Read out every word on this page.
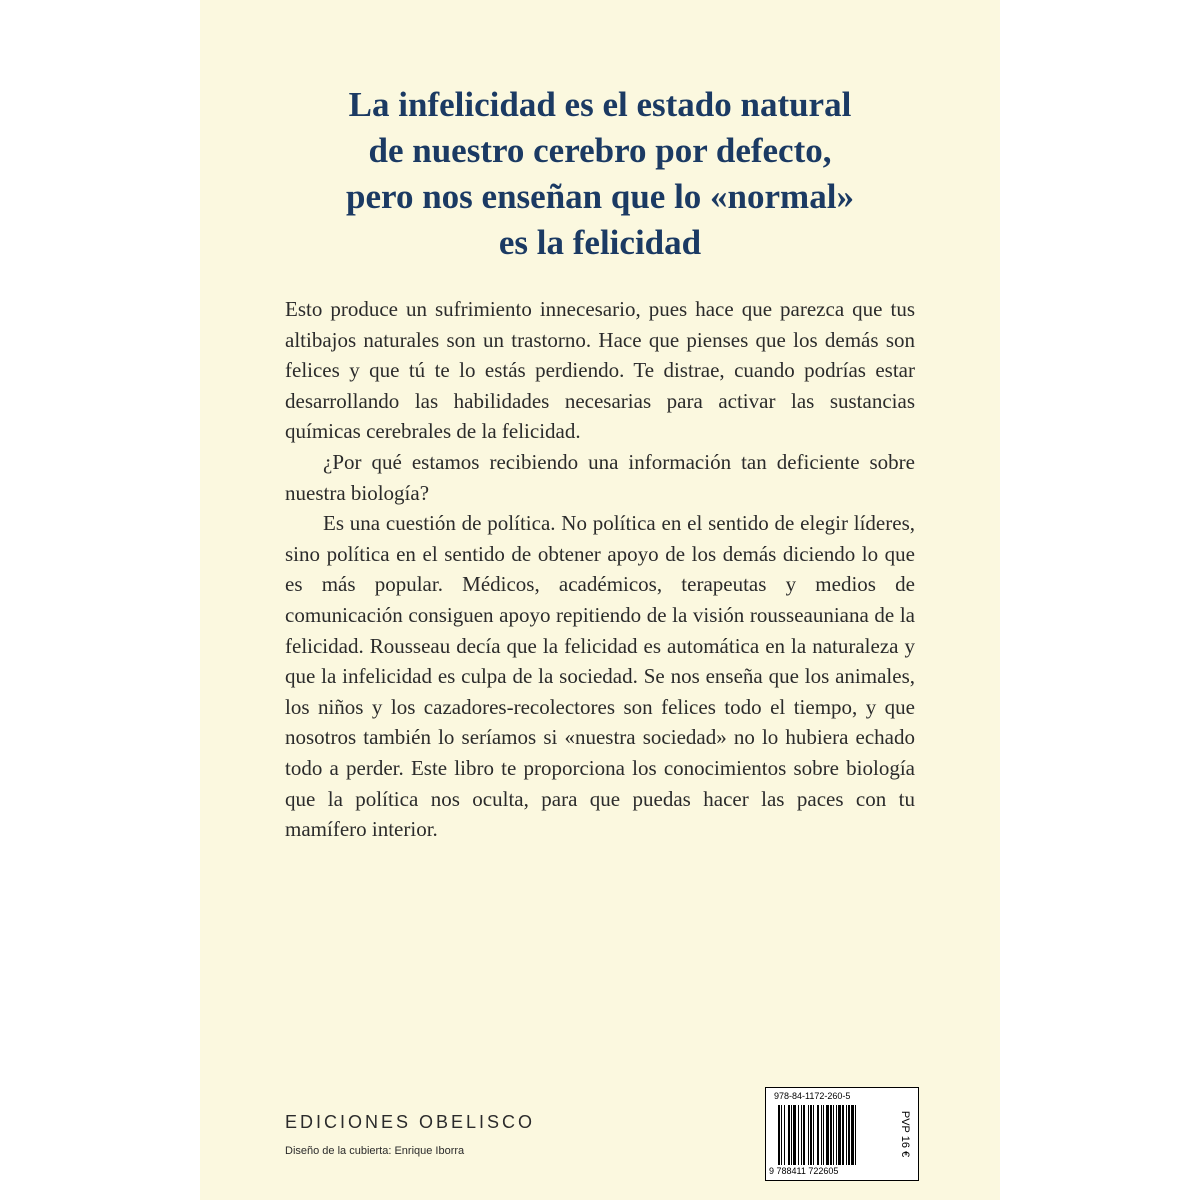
La infelicidad es el estado natural
de nuestro cerebro por defecto,
pero nos enseñan que lo «normal»
es la felicidad

Esto produce un sufrimiento innecesario, pues hace que parezca que tus altibajos naturales son un trastorno. Hace que pienses que los demás son felices y que tú te lo estás perdiendo. Te distrae, cuando podrías estar desarrollando las habilidades necesarias para activar las sustancias químicas cerebrales de la felicidad.

¿Por qué estamos recibiendo una información tan deficiente sobre nuestra biología?

Es una cuestión de política. No política en el sentido de elegir líderes, sino política en el sentido de obtener apoyo de los demás diciendo lo que es más popular. Médicos, académicos, terapeutas y medios de comunicación consiguen apoyo repitiendo de la visión rousseauniana de la felicidad. Rousseau decía que la felicidad es automática en la naturaleza y que la infelicidad es culpa de la sociedad. Se nos enseña que los animales, los niños y los cazadores-recolectores son felices todo el tiempo, y que nosotros también lo seríamos si «nuestra sociedad» no lo hubiera echado todo a perder. Este libro te proporciona los conocimientos sobre biología que la política nos oculta, para que puedas hacer las paces con tu mamífero interior.

EDICIONES OBELISCO
Diseño de la cubierta: Enrique Iborra
978-84-1172-260-5
9 788411 722605
PVP 16 €
